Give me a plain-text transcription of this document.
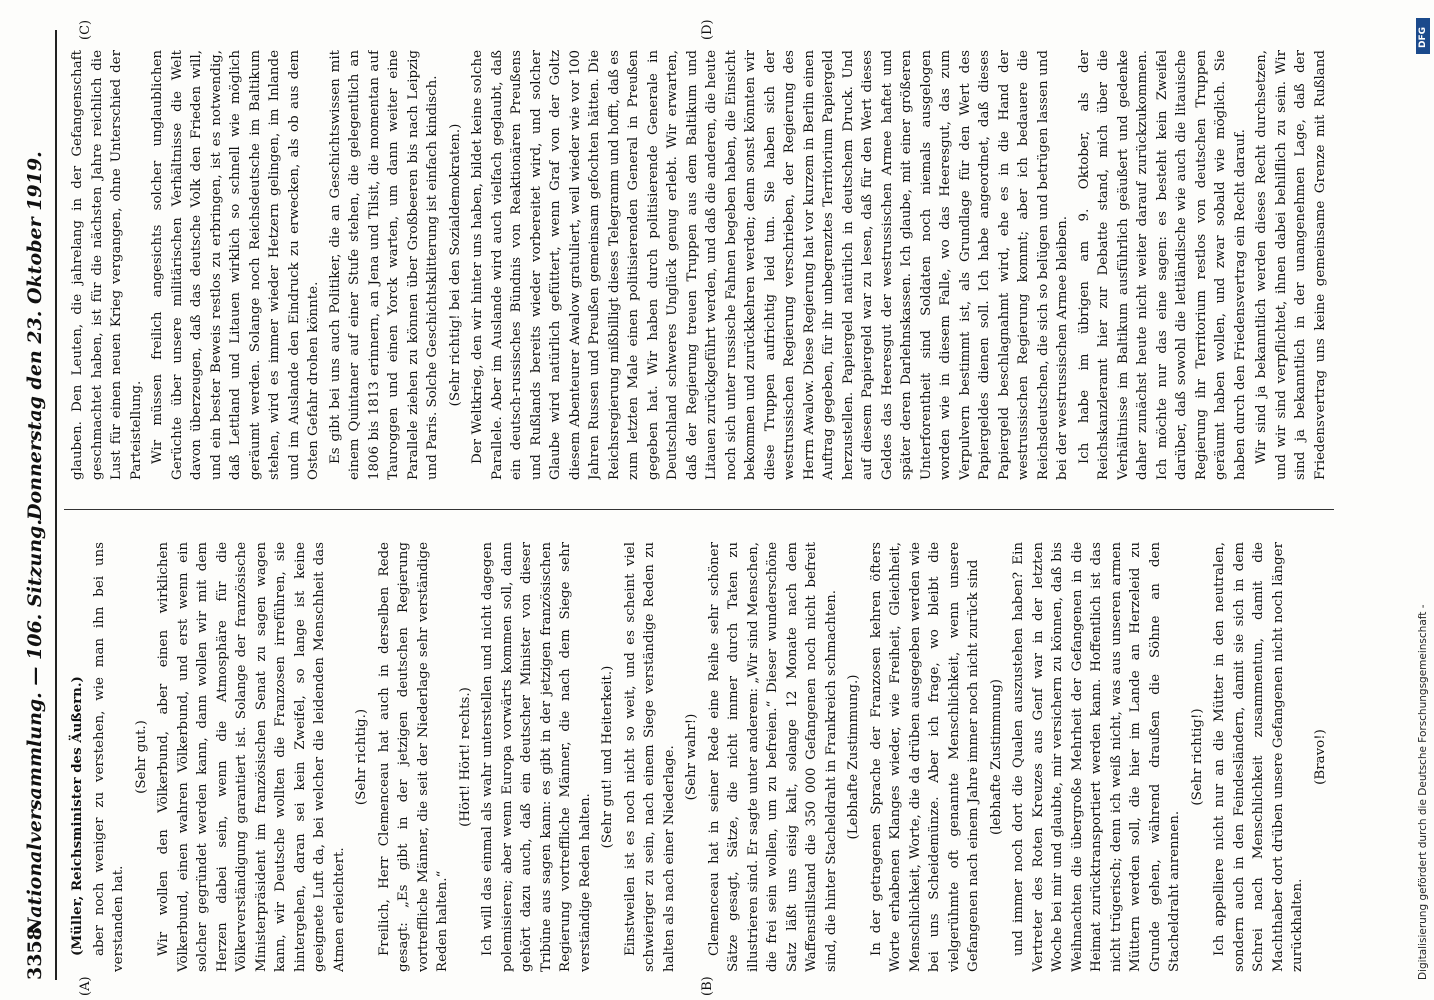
3358
Nationalversammlung. — 106. Sitzung.
Donnerstag den 23. Oktober 1919.
(A)	(B)
(C)	(D)

(Müller, Reichsminister des Äußern.) aber noch weniger zu verstehen, wie man ihn bei uns verstanden hat.

(Sehr gut.) Wir wollen den Völkerbund, aber einen wirklichen Völkerbund, einen wahren Völkerbund, und erst wenn ein solcher gegründet werden kann, dann wollen wir mit dem Herzen dabei sein, wenn die Atmosphäre für die Völkerverständigung garantiert ist. Solange der französische Ministerpräsident im französischen Senat zu sagen wagen kann, wir Deutsche wollten die Franzosen irreführen, sie hintergehen, daran sei kein Zweifel, so lange ist keine geeignete Luft da, bei welcher die leidenden Menschheit das Atmen erleichtert.

(Sehr richtig.) Freilich, Herr Clemenceau hat auch in derselben Rede gesagt: „Es gibt in der jetzigen deutschen Regierung vortreffliche Männer, die seit der Niederlage sehr verständige Reden halten.“

(Hört! Hört! rechts.) Ich will das einmal als wahr unterstellen und nicht dagegen polemisieren; aber wenn Europa vorwärts kommen soll, dann gehört dazu auch, daß ein deutscher Minister von dieser Tribüne aus sagen kann: es gibt in der jetzigen französischen Regierung vortreffliche Männer, die nach dem Siege sehr verständige Reden halten.

(Sehr gut! und Heiterkeit.) Einstweilen ist es noch nicht so weit, und es scheint viel schwieriger zu sein, nach einem Siege verständige Reden zu halten als nach einer Niederlage. (Sehr wahr!) Clemenceau hat in seiner Rede eine Reihe sehr schöner Sätze gesagt, Sätze, die nicht immer durch Taten zu illustrieren sind. Er sagte unter anderem: „Wir sind Menschen, die frei sein wollen, um zu befreien.“ Dieser wunderschöne Satz läßt uns eisig kalt, solange 12 Monate nach dem Waffenstillstand die 350 000 Gefangenen noch nicht befreit sind, die hinter Stacheldraht in Frankreich schmachten. (Lebhafte Zustimmung.) In der getragenen Sprache der Franzosen kehren öfters Worte erhabenen Klanges wieder, wie Freiheit, Gleichheit, Menschlichkeit, Worte, die da drüben ausgegeben werden wie bei uns Scheidemünze. Aber ich frage, wo bleibt die vielgerühmte oft genannte Menschlichkeit, wenn unsere Gefangenen nach einem Jahre immer noch nicht zurück sind (lebhafte Zustimmung) und immer noch dort die Qualen auszustehen haben? Ein Vertreter des Roten Kreuzes aus Genf war in der letzten Woche bei mir und glaubte, mir versichern zu können, daß bis Weihnachten die übergroße Mehrheit der Gefangenen in die Heimat zurücktransportiert werden kann. Hoffentlich ist das nicht trügerisch; denn ich weiß nicht, was aus unseren armen Müttern werden soll, die hier im Lande an Herzeleid zu Grunde gehen, während draußen die Söhne an den Stacheldraht anrennen.

(Sehr richtig!) Ich appelliere nicht nur an die Mütter in den neutralen, sondern auch in den Feindesländern, damit sie sich in dem Schrei nach Menschlichkeit zusammentun, damit die Machthaber dort drüben unsere Gefangenen nicht noch länger zurückhalten.

(Bravo!)

glauben. Den Leuten, die jahrelang in der Gefangenschaft geschmachtet haben, ist für die nächsten Jahre reichlich die Lust für einen neuen Krieg vergangen, ohne Unterschied der Parteistellung. Wir müssen freilich angesichts solcher unglaublichen Gerüchte über unsere militärischen Verhältnisse die Welt davon überzeugen, daß das deutsche Volk den Frieden will, und ein bester Beweis restlos zu erbringen, ist es notwendig, daß Lettland und Litauen wirklich so schnell wie möglich geräumt werden. Solange noch Reichsdeutsche im Baltikum stehen, wird es immer wieder Hetzern gelingen, im Inlande und im Auslande den Eindruck zu erwecken, als ob aus dem Osten Gefahr drohen könnte. Es gibt bei uns auch Politiker, die an Geschichtswissen mit einem Quintaner auf einer Stufe stehen, die gelegentlich an 1806 bis 1813 erinnern, an Jena und Tilsit, die momentan auf Tauroggen und einen Yorck warten, um dann weiter eine Parallele ziehen zu können über Großbeeren bis nach Leipzig und Paris. Solche Geschichtsklitterung ist einfach kindisch. (Sehr richtig! bei den Sozialdemokraten.) Der Weltkrieg, den wir hinter uns haben, bildet keine solche Parallele. Aber im Auslande wird auch vielfach geglaubt, daß ein deutsch-russisches Bündnis von Reaktionären Preußens und Rußlands bereits wieder vorbereitet wird, und solcher Glaube wird natürlich gefüttert, wenn Graf von der Goltz diesem Abenteurer Awalow gratuliert, weil wieder wie vor 100 Jahren Russen und Preußen gemeinsam gefochten hätten. Die Reichsregierung mißbilligt dieses Telegramm und hofft, daß es zum letzten Male einen politisierenden General in Preußen gegeben hat. Wir haben durch politisierende Generale in Deutschland schweres Unglück genug erlebt. Wir erwarten, daß der Regierung treuen Truppen aus dem Baltikum und Litauen zurückgeführt werden, und daß die anderen, die heute noch sich unter russische Fahnen begeben haben, die Einsicht bekommen und zurückkehren werden; denn sonst könnten wir diese Truppen aufrichtig leid tun. Sie haben sich der westrussischen Regierung verschrieben, der Regierung des Herrn Awalow. Diese Regierung hat vor kurzem in Berlin einen Auftrag gegeben, für ihr unbegrenztes Territorium Papiergeld herzustellen. Papiergeld natürlich in deutschem Druck. Und auf diesem Papiergeld war zu lesen, daß für den Wert dieses Geldes das Heeresgut der westrussischen Armee haftet und später deren Darlehnskassen. Ich glaube, mit einer größeren Unterforentheit sind Soldaten noch niemals ausgelogen worden wie in diesem Falle, wo das Heeresgut, das zum Verpulvern bestimmt ist, als Grundlage für den Wert des Papiergeldes dienen soll. Ich habe angeordnet, daß dieses Papiergeld beschlagnahmt wird, ehe es in die Hand der westrussischen Regierung kommt; aber ich bedauere die Reichsdeutschen, die sich so belügen und betrügen lassen und bei der westrussischen Armee bleiben. Ich habe im übrigen am 9. Oktober, als der Reichskanzleramt hier zur Debatte stand, mich über die Verhältnisse im Baltikum ausführlich geäußert und gedenke daher zunächst heute nicht weiter darauf zurückzukommen. Ich möchte nur das eine sagen: es besteht kein Zweifel darüber, daß sowohl die lettländische wie auch die litauische Regierung ihr Territorium restlos von deutschen Truppen geräumt haben wollen, und zwar sobald wie möglich. Sie haben durch den Friedensvertrag ein Recht darauf. Wir sind ja bekanntlich werden dieses Recht durchsetzen, und wir sind verpflichtet, ihnen dabei behilflich zu sein. Wir sind ja bekanntlich in der unangenehmen Lage, daß der Friedensvertrag uns keine gemeinsame Grenze mit Rußland

DFG
Digitalisierung gefördert durch die Deutsche Forschungsgemeinschaft -
